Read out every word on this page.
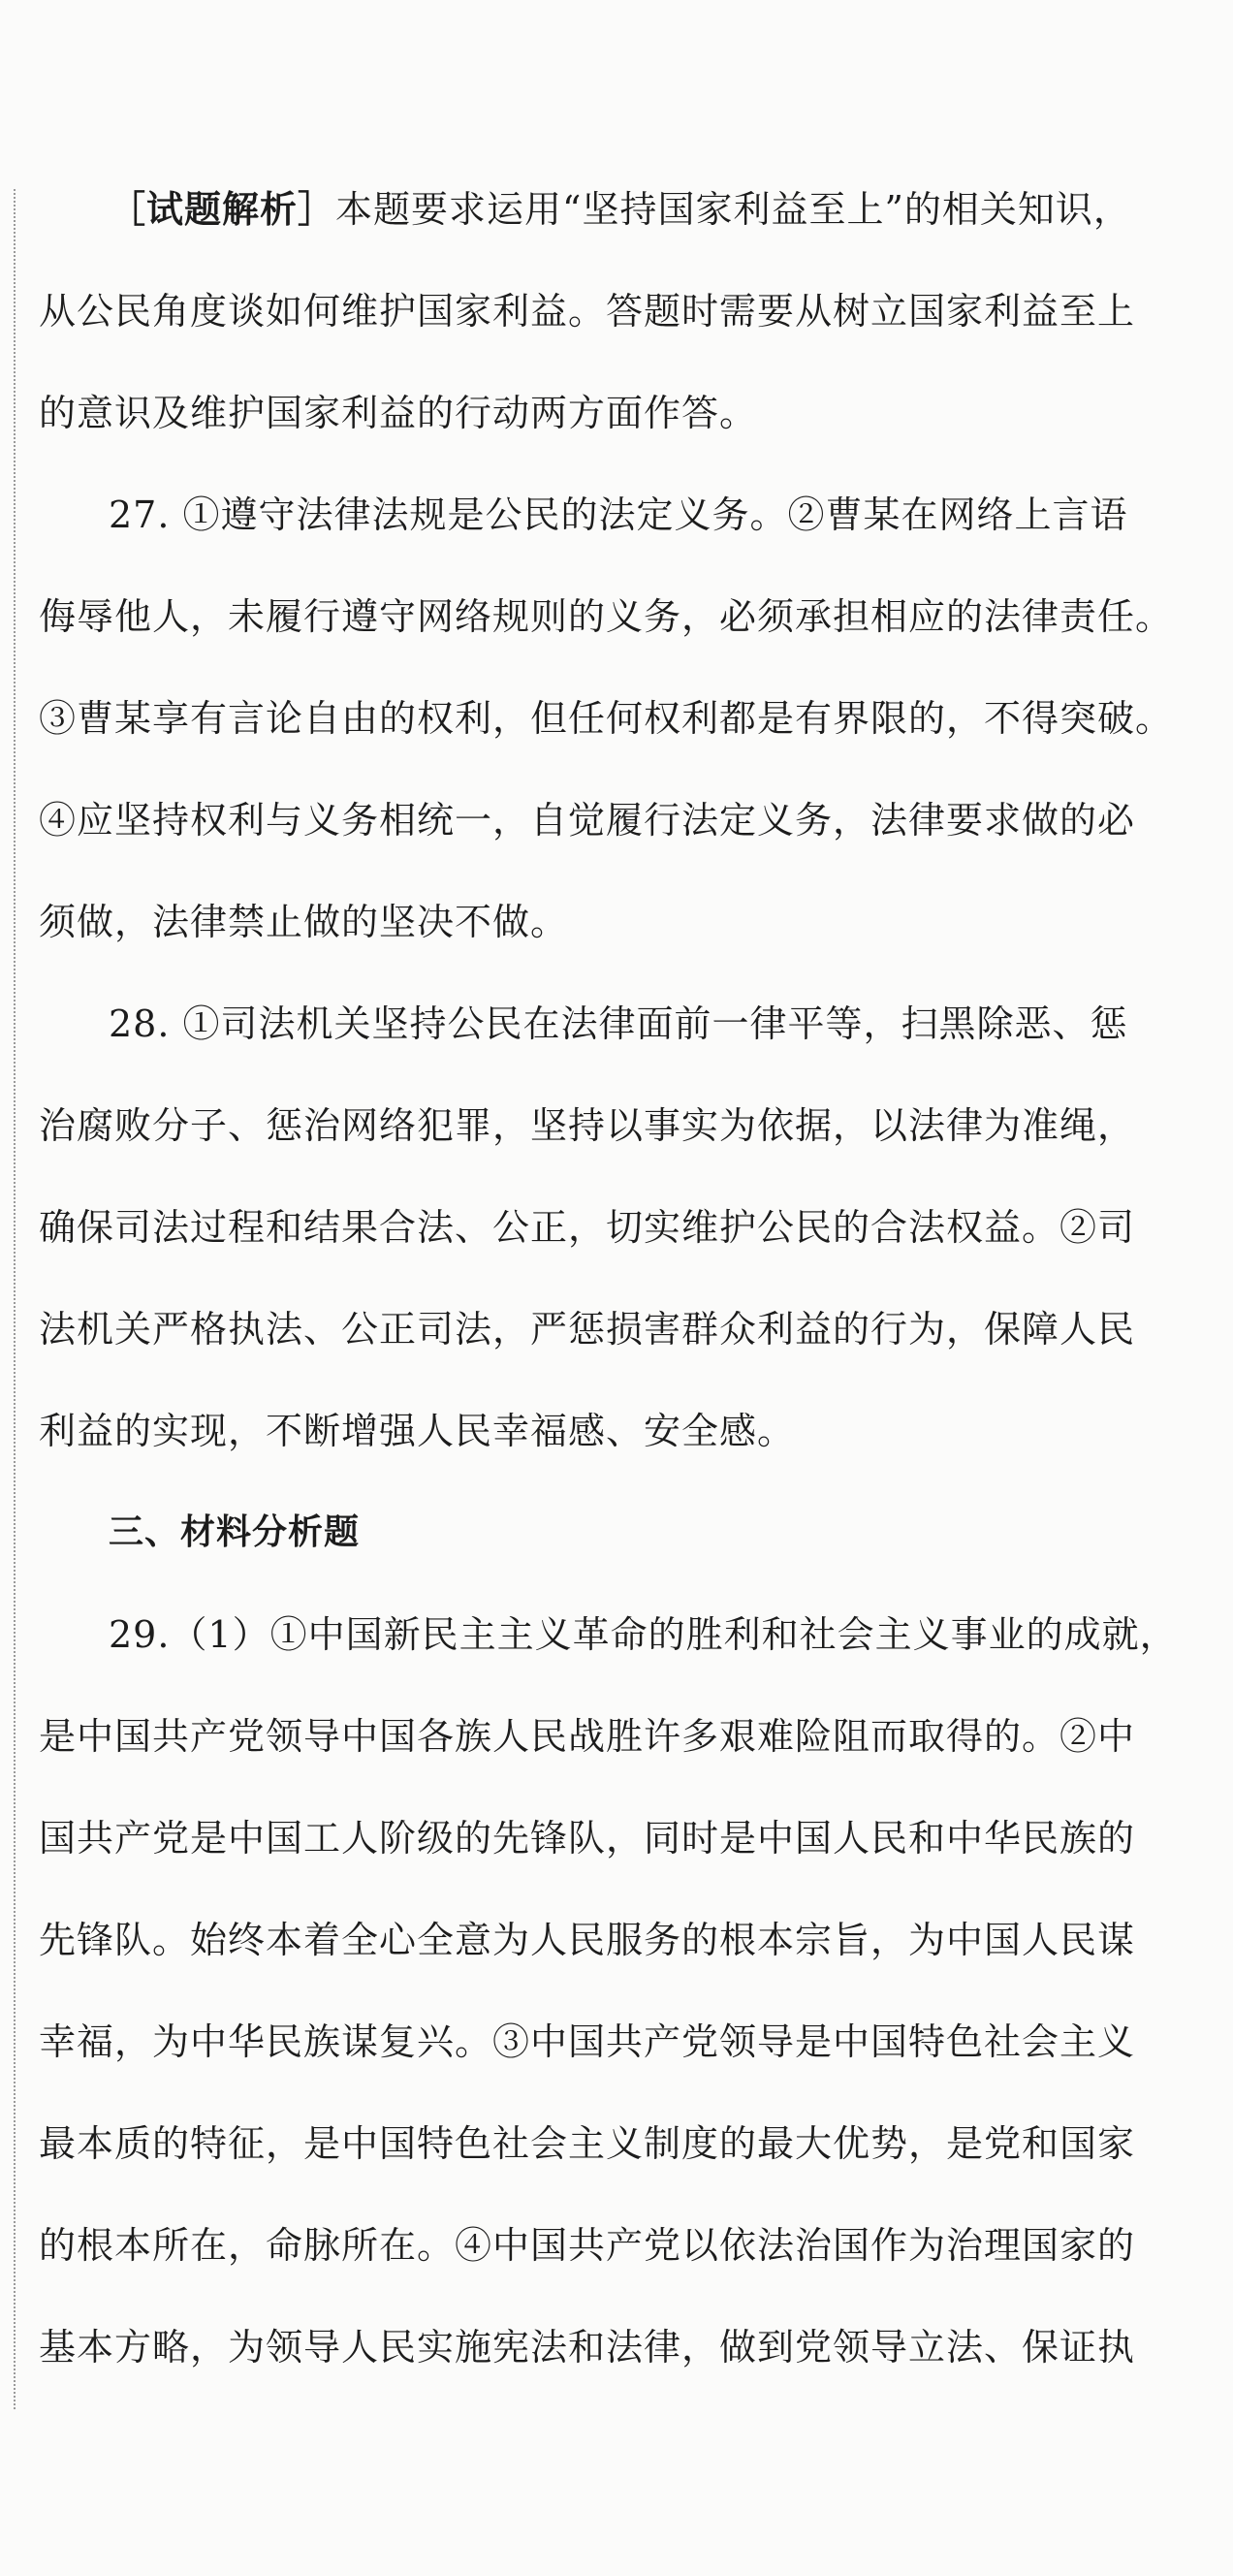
［试题解析］本题要求运用“坚持国家利益至上”的相关知识，
从公民角度谈如何维护国家利益。答题时需要从树立国家利益至上
的意识及维护国家利益的行动两方面作答。
27. ①遵守法律法规是公民的法定义务。②曹某在网络上言语
侮辱他人，未履行遵守网络规则的义务，必须承担相应的法律责任。
③曹某享有言论自由的权利，但任何权利都是有界限的，不得突破。
④应坚持权利与义务相统一，自觉履行法定义务，法律要求做的必
须做，法律禁止做的坚决不做。
28. ①司法机关坚持公民在法律面前一律平等，扫黑除恶、惩
治腐败分子、惩治网络犯罪，坚持以事实为依据，以法律为准绳，
确保司法过程和结果合法、公正，切实维护公民的合法权益。②司
法机关严格执法、公正司法，严惩损害群众利益的行为，保障人民
利益的实现，不断增强人民幸福感、安全感。
三、材料分析题
29.（1）①中国新民主主义革命的胜利和社会主义事业的成就，
是中国共产党领导中国各族人民战胜许多艰难险阻而取得的。②中
国共产党是中国工人阶级的先锋队，同时是中国人民和中华民族的
先锋队。始终本着全心全意为人民服务的根本宗旨，为中国人民谋
幸福，为中华民族谋复兴。③中国共产党领导是中国特色社会主义
最本质的特征，是中国特色社会主义制度的最大优势，是党和国家
的根本所在，命脉所在。④中国共产党以依法治国作为治理国家的
基本方略，为领导人民实施宪法和法律，做到党领导立法、保证执
